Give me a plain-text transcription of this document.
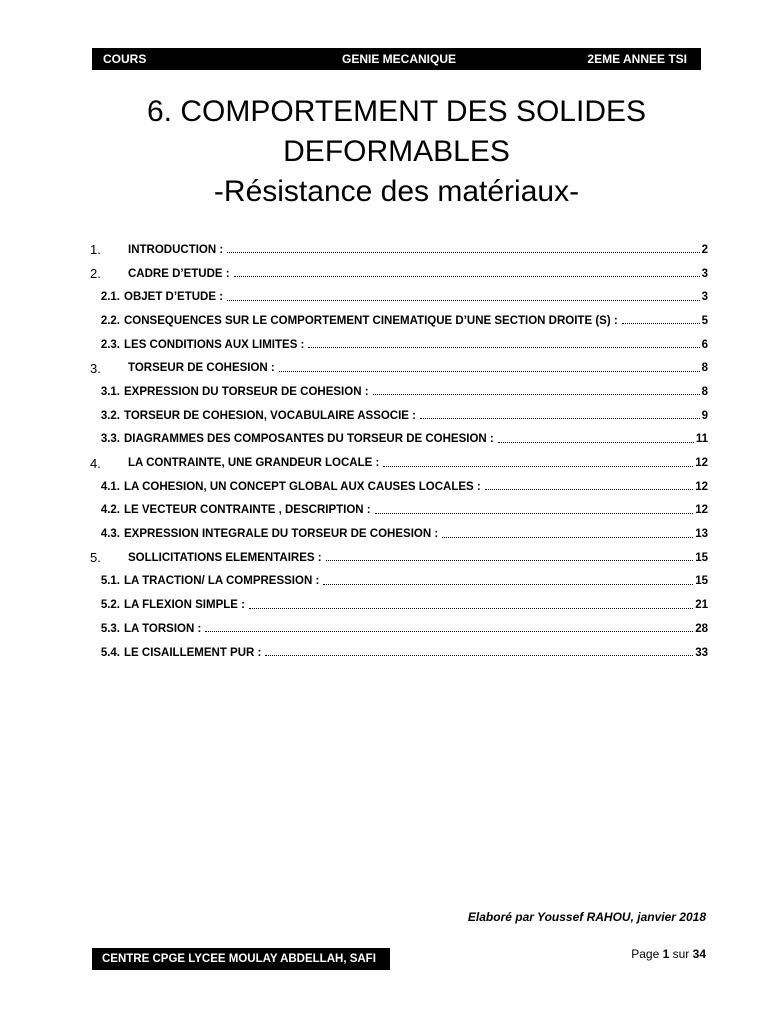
COURS	GENIE MECANIQUE	2EME ANNEE TSI
6. COMPORTEMENT DES SOLIDES
DEFORMABLES
-Résistance des matériaux-
1.	INTRODUCTION :	2
2.	CADRE D’ETUDE :	3
2.1. OBJET D’ETUDE :	3
2.2. CONSEQUENCES SUR LE COMPORTEMENT CINEMATIQUE D’UNE SECTION DROITE (S) :	5
2.3. LES CONDITIONS AUX LIMITES :	6
3.	TORSEUR DE COHESION :	8
3.1. EXPRESSION DU TORSEUR DE COHESION :	8
3.2. TORSEUR DE COHESION, VOCABULAIRE ASSOCIE :	9
3.3. DIAGRAMMES DES COMPOSANTES DU TORSEUR DE COHESION :	11
4.	LA CONTRAINTE, UNE GRANDEUR LOCALE :	12
4.1. LA COHESION, UN CONCEPT GLOBAL AUX CAUSES LOCALES :	12
4.2. LE VECTEUR CONTRAINTE , DESCRIPTION :	12
4.3. EXPRESSION INTEGRALE DU TORSEUR DE COHESION :	13
5.	SOLLICITATIONS ELEMENTAIRES :	15
5.1. LA TRACTION/ LA COMPRESSION :	15
5.2. LA FLEXION SIMPLE :	21
5.3. LA TORSION :	28
5.4. LE CISAILLEMENT PUR :	33
Elaboré par Youssef RAHOU, janvier 2018
CENTRE CPGE LYCEE MOULAY ABDELLAH, SAFI	Page 1 sur 34
